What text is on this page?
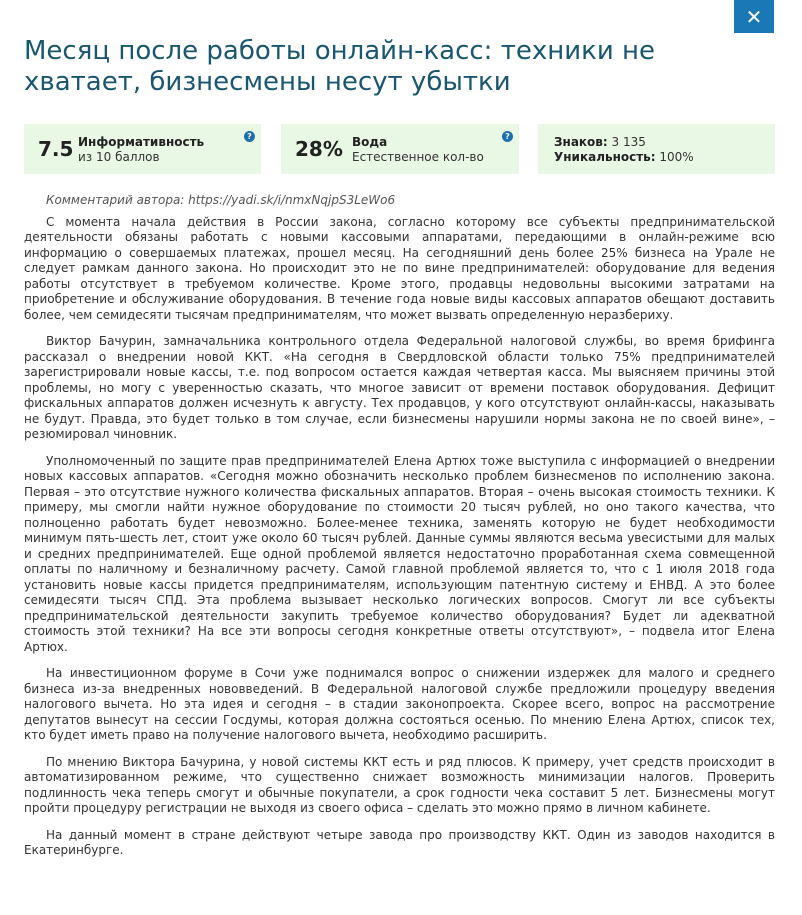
✕
Месяц после работы онлайн-касс: техники не хватает, бизнесмены несут убытки
7.5 Информативность
из 10 баллов
?
28% Вода
Естественное кол-во
?	Знаков: 3 135
Уникальность: 100%

Комментарий автора: https://yadi.sk/i/nmxNqjpS3LeWo6

С момента начала действия в России закона, согласно которому все субъекты предпринимательской деятельности обязаны работать с новыми кассовыми аппаратами, передающими в онлайн-режиме всю информацию о совершаемых платежах, прошел месяц. На сегодняшний день более 25% бизнеса на Урале не следует рамкам данного закона. Но происходит это не по вине предпринимателей: оборудование для ведения работы отсутствует в требуемом количестве. Кроме этого, продавцы недовольны высокими затратами на приобретение и обслуживание оборудования. В течение года новые виды кассовых аппаратов обещают доставить более, чем семидесяти тысячам предпринимателям, что может вызвать определенную неразбериху.

Виктор Бачурин, замначальника контрольного отдела Федеральной налоговой службы, во время брифинга рассказал о внедрении новой ККТ. «На сегодня в Свердловской области только 75% предпринимателей зарегистрировали новые кассы, т.е. под вопросом остается каждая четвертая касса. Мы выясняем причины этой проблемы, но могу с уверенностью сказать, что многое зависит от времени поставок оборудования. Дефицит фискальных аппаратов должен исчезнуть к августу. Тех продавцов, у кого отсутствуют онлайн-кассы, наказывать не будут. Правда, это будет только в том случае, если бизнесмены нарушили нормы закона не по своей вине», – резюмировал чиновник.

Уполномоченный по защите прав предпринимателей Елена Артюх тоже выступила с информацией о внедрении новых кассовых аппаратов. «Сегодня можно обозначить несколько проблем бизнесменов по исполнению закона. Первая – это отсутствие нужного количества фискальных аппаратов. Вторая – очень высокая стоимость техники. К примеру, мы смогли найти нужное оборудование по стоимости 20 тысяч рублей, но оно такого качества, что полноценно работать будет невозможно. Более-менее техника, заменять которую не будет необходимости минимум пять-шесть лет, стоит уже около 60 тысяч рублей. Данные суммы являются весьма увесистыми для малых и средних предпринимателей. Еще одной проблемой является недостаточно проработанная схема совмещенной оплаты по наличному и безналичному расчету. Самой главной проблемой является то, что с 1 июля 2018 года установить новые кассы придется предпринимателям, использующим патентную систему и ЕНВД. А это более семидесяти тысяч СПД. Эта проблема вызывает несколько логических вопросов. Смогут ли все субъекты предпринимательской деятельности закупить требуемое количество оборудования? Будет ли адекватной стоимость этой техники? На все эти вопросы сегодня конкретные ответы отсутствуют», – подвела итог Елена Артюх.

На инвестиционном форуме в Сочи уже поднимался вопрос о снижении издержек для малого и среднего бизнеса из-за внедренных нововведений. В Федеральной налоговой службе предложили процедуру введения налогового вычета. Но эта идея и сегодня – в стадии законопроекта. Скорее всего, вопрос на рассмотрение депутатов вынесут на сессии Госдумы, которая должна состояться осенью. По мнению Елена Артюх, список тех, кто будет иметь право на получение налогового вычета, необходимо расширить.

По мнению Виктора Бачурина, у новой системы ККТ есть и ряд плюсов. К примеру, учет средств происходит в автоматизированном режиме, что существенно снижает возможность минимизации налогов. Проверить подлинность чека теперь смогут и обычные покупатели, а срок годности чека составит 5 лет. Бизнесмены могут пройти процедуру регистрации не выходя из своего офиса – сделать это можно прямо в личном кабинете.

На данный момент в стране действуют четыре завода про производству ККТ. Один из заводов находится в Екатеринбурге.
